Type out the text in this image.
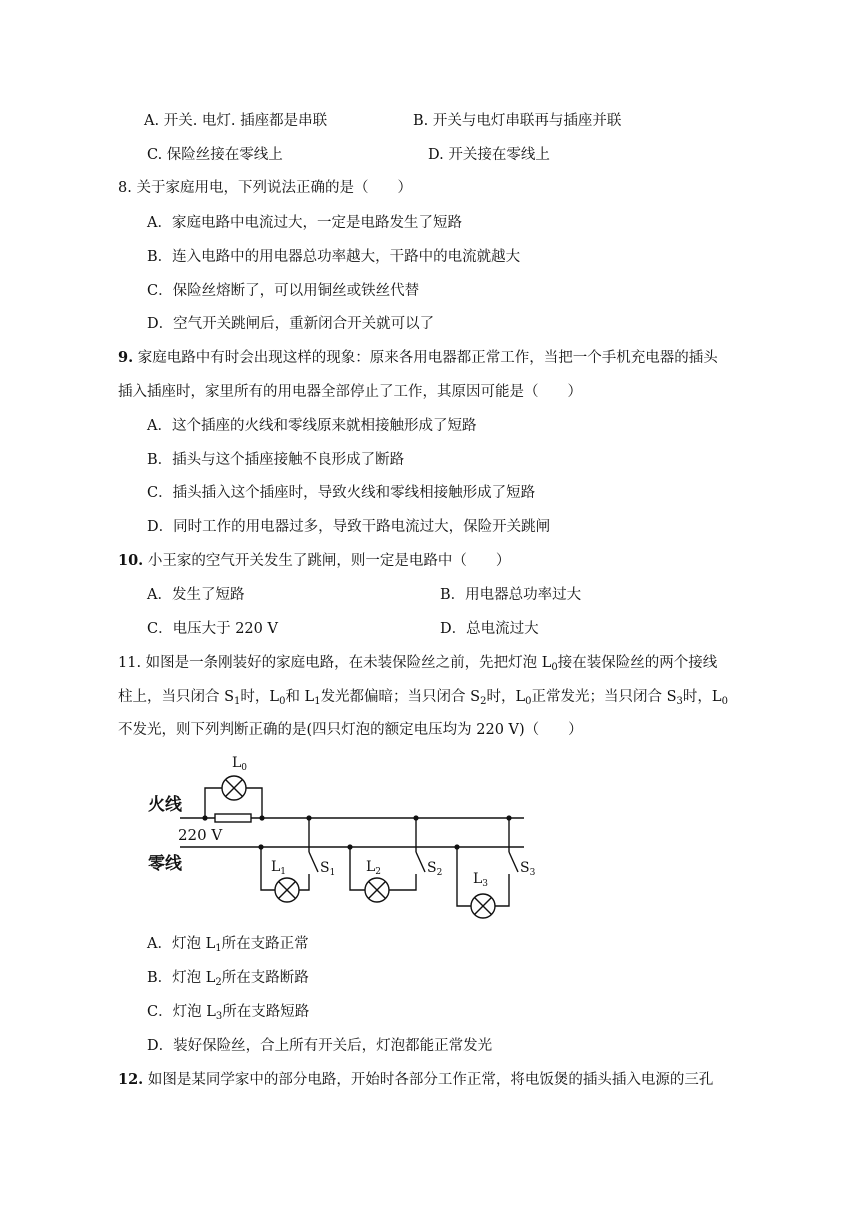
A. 开关. 电灯. 插座都是串联	B. 开关与电灯串联再与插座并联
C. 保险丝接在零线上	D. 开关接在零线上
8. 关于家庭用电，下列说法正确的是（　　）
A．家庭电路中电流过大，一定是电路发生了短路
B．连入电路中的用电器总功率越大，干路中的电流就越大
C．保险丝熔断了，可以用铜丝或铁丝代替
D．空气开关跳闸后，重新闭合开关就可以了
9. 家庭电路中有时会出现这样的现象：原来各用电器都正常工作，当把一个手机充电器的插头
插入插座时，家里所有的用电器全部停止了工作，其原因可能是（　　）
A．这个插座的火线和零线原来就相接触形成了短路
B．插头与这个插座接触不良形成了断路
C．插头插入这个插座时，导致火线和零线相接触形成了短路
D．同时工作的用电器过多，导致干路电流过大，保险开关跳闸
10. 小王家的空气开关发生了跳闸，则一定是电路中（　　）
A．发生了短路	B．用电器总功率过大
C．电压大于 220 V	D．总电流过大
11. 如图是一条刚装好的家庭电路，在未装保险丝之前，先把灯泡 $L_0$接在装保险丝的两个接线
柱上，当只闭合 $S_1$时，$L_0$和 $L_1$发光都偏暗；当只闭合 $S_2$时，$L_0$正常发光；当只闭合 $S_3$时，$L_0$
不发光，则下列判断正确的是(四只灯泡的额定电压均为 220 V)（　　）
火线
零线
220 V
$L_0$
$L_1$	$L_2$	$L_3$
$S_1$	$S_2$	$S_3$
A．灯泡 $L_1$所在支路正常
B．灯泡 $L_2$所在支路断路
C．灯泡 $L_3$所在支路短路
D．装好保险丝，合上所有开关后，灯泡都能正常发光
12. 如图是某同学家中的部分电路，开始时各部分工作正常，将电饭煲的插头插入电源的三孔
